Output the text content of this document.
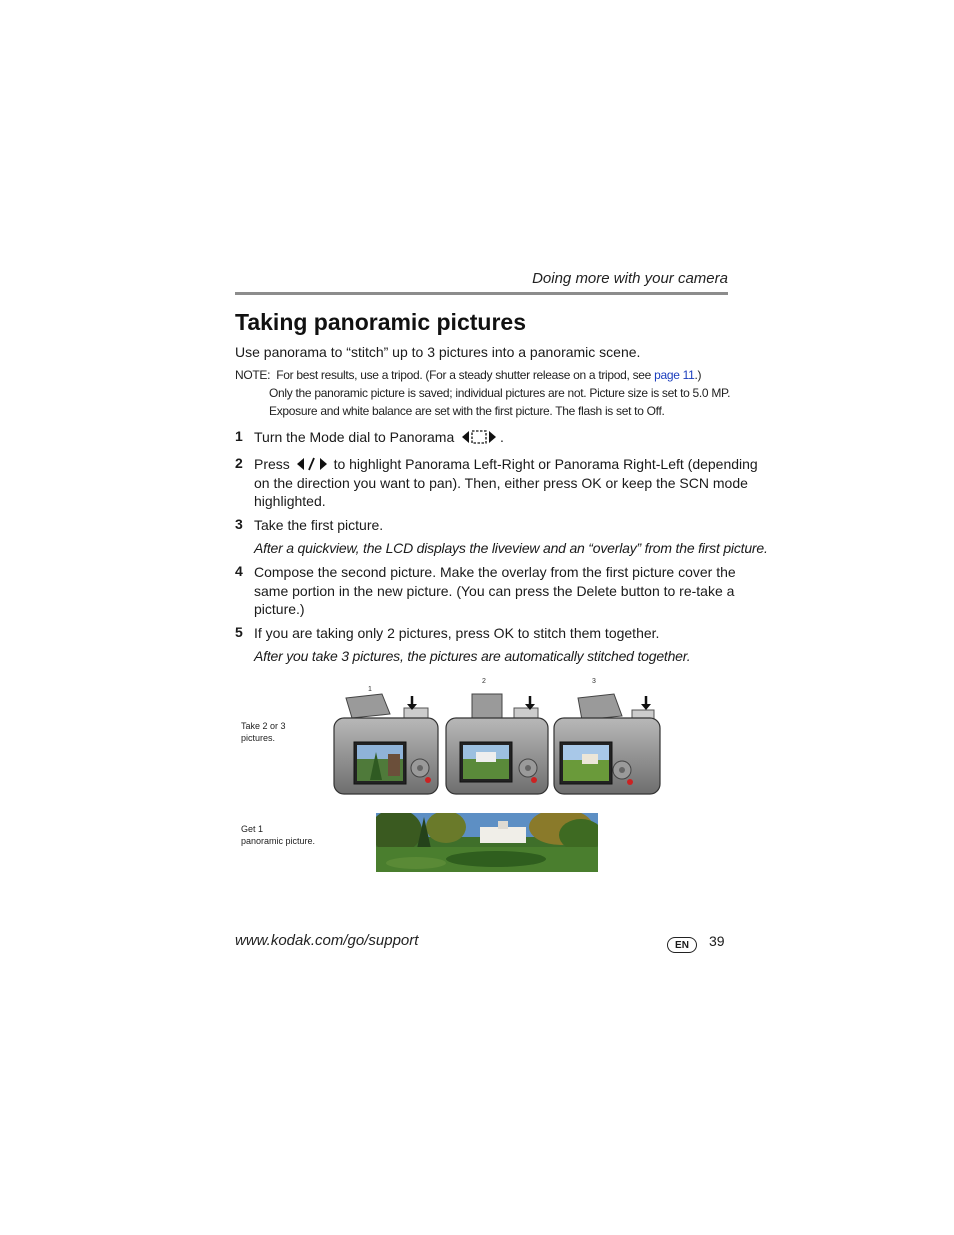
Doing more with your camera
Taking panoramic pictures
Use panorama to “stitch” up to 3 pictures into a panoramic scene.
NOTE: For best results, use a tripod. (For a steady shutter release on a tripod, see page 11.)
Only the panoramic picture is saved; individual pictures are not. Picture size is set to 5.0 MP.
Exposure and white balance are set with the first picture. The flash is set to Off.
1 Turn the Mode dial to Panorama	.
2 Press	to highlight Panorama Left-Right or Panorama Right-Left (depending
on the direction you want to pan). Then, either press OK or keep the SCN mode
highlighted.
3 Take the first picture.
After a quickview, the LCD displays the liveview and an “overlay” from the first picture.
4 Compose the second picture. Make the overlay from the first picture cover the
same portion in the new picture. (You can press the Delete button to re-take a
picture.)
5 If you are taking only 2 pictures, press OK to stitch them together.
After you take 3 pictures, the pictures are automatically stitched together.
Take 2 or 3
pictures.
Get 1
panoramic picture.
1
2	3
www.kodak.com/go/support	EN	39
